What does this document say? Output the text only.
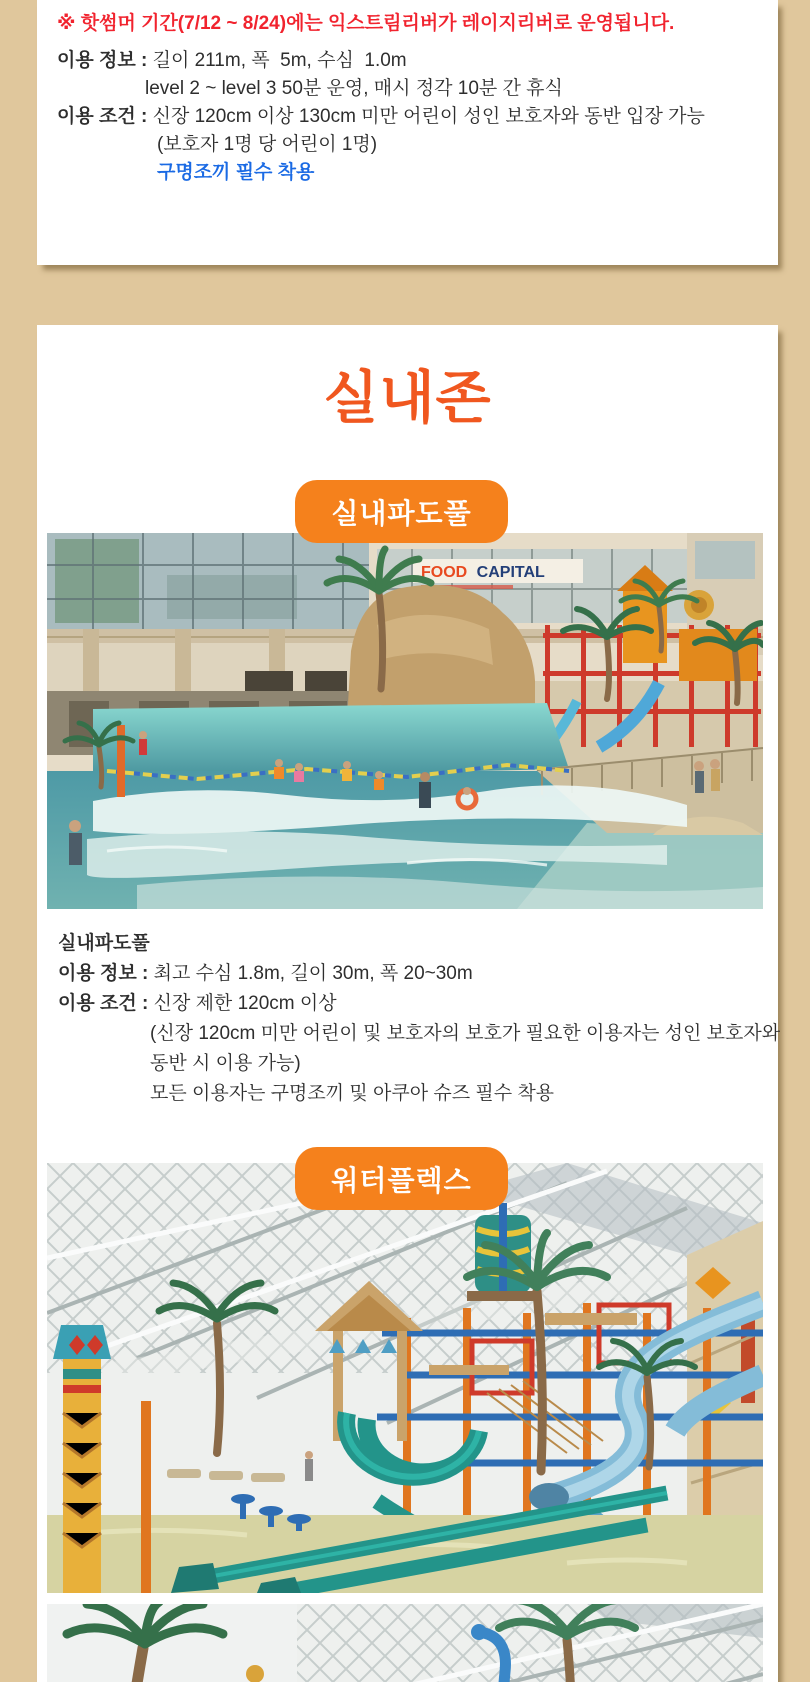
※ 핫썸머 기간(7/12 ~ 8/24)에는 익스트림리버가 레이지리버로 운영됩니다.

이용 정보 : 길이 211m, 폭  5m, 수심  1.0m
level 2 ~ level 3 50분 운영, 매시 정각 10분 간 휴식
이용 조건 : 신장 120cm 이상 130cm 미만 어린이 성인 보호자와 동반 입장 가능
(보호자 1명 당 어린이 1명)
구명조끼 필수 착용
실내존
실내파도풀
FOOD CAPITAL
실내파도풀
이용 정보 : 최고 수심 1.8m, 길이 30m, 폭 20~30m
이용 조건 : 신장 제한 120cm 이상
(신장 120cm 미만 어린이 및 보호자의 보호가 필요한 이용자는 성인 보호자와
동반 시 이용 가능)
모든 이용자는 구명조끼 및 아쿠아 슈즈 필수 착용
워터플렉스
